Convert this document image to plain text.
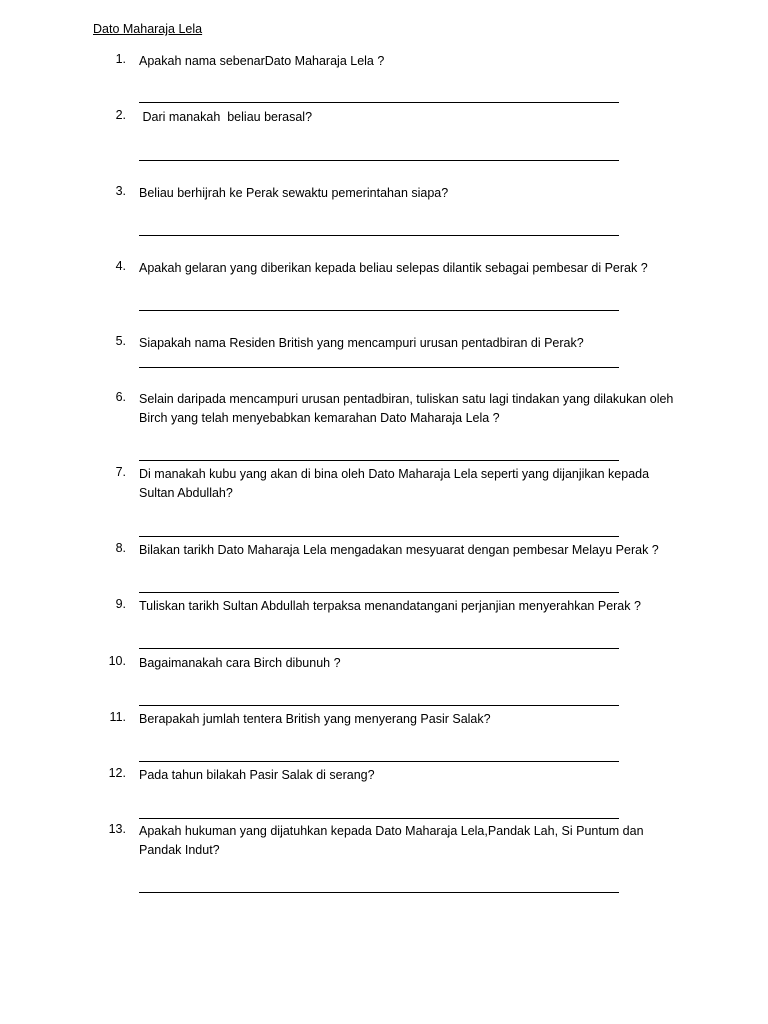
Dato Maharaja Lela
1. Apakah nama sebenarDato Maharaja Lela ?
2. Dari manakah  beliau berasal?
3. Beliau berhijrah ke Perak sewaktu pemerintahan siapa?
4. Apakah gelaran yang diberikan kepada beliau selepas dilantik sebagai pembesar di Perak ?
5. Siapakah nama Residen British yang mencampuri urusan pentadbiran di Perak?
6. Selain daripada mencampuri urusan pentadbiran, tuliskan satu lagi tindakan yang dilakukan oleh Birch yang telah menyebabkan kemarahan Dato Maharaja Lela ?
7. Di manakah kubu yang akan di bina oleh Dato Maharaja Lela seperti yang dijanjikan kepada Sultan Abdullah?
8. Bilakan tarikh Dato Maharaja Lela mengadakan mesyuarat dengan pembesar Melayu Perak ?
9. Tuliskan tarikh Sultan Abdullah terpaksa menandatangani perjanjian menyerahkan Perak ?
10. Bagaimanakah cara Birch dibunuh ?
11. Berapakah jumlah tentera British yang menyerang Pasir Salak?
12. Pada tahun bilakah Pasir Salak di serang?
13. Apakah hukuman yang dijatuhkan kepada Dato Maharaja Lela,Pandak Lah, Si Puntum dan Pandak Indut?
